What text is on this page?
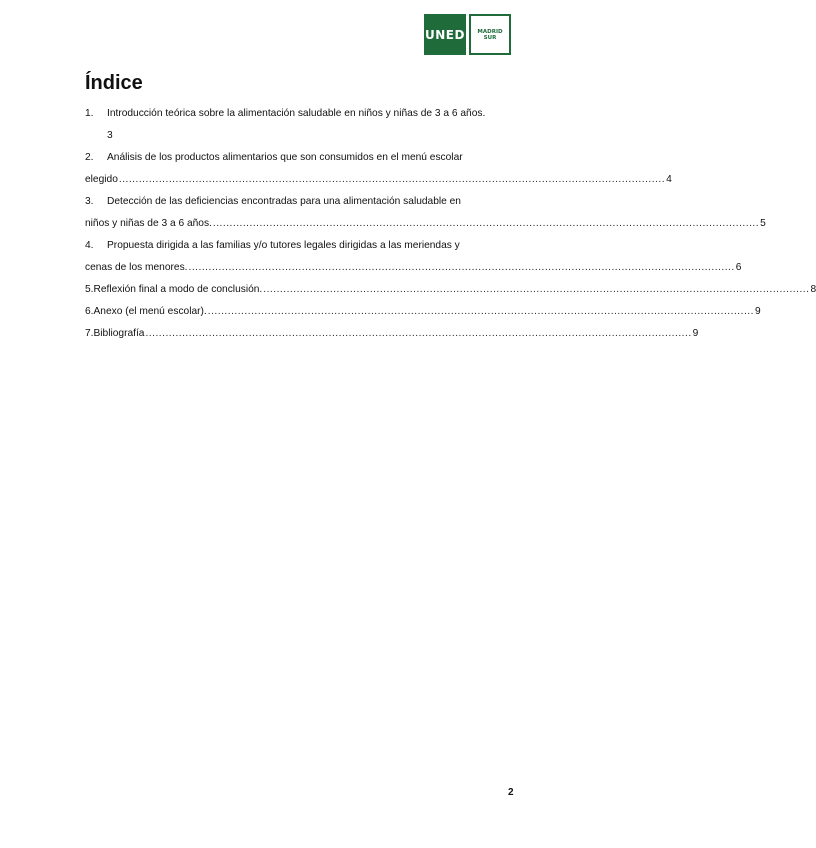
UNED	MADRID SUR
Índice
1. Introducción teórica sobre la alimentación saludable en niños y niñas de 3 a 6 años.
3
2. Análisis de los productos alimentarios que son consumidos en el menú escolar
elegido .................................................................................................................................................................... 4
3. Detección de las deficiencias encontradas para una alimentación saludable en
niños y niñas de 3 a 6 años. .................................................................................................................................................................... 5
4. Propuesta dirigida a las familias y/o tutores legales dirigidas a las meriendas y
cenas de los menores. .................................................................................................................................................................... 6
5. Reflexión final a modo de conclusión. .................................................................................................................................................................... 8
6. Anexo (el menú escolar). .................................................................................................................................................................... 9
7. Bibliografía .................................................................................................................................................................... 9
2
